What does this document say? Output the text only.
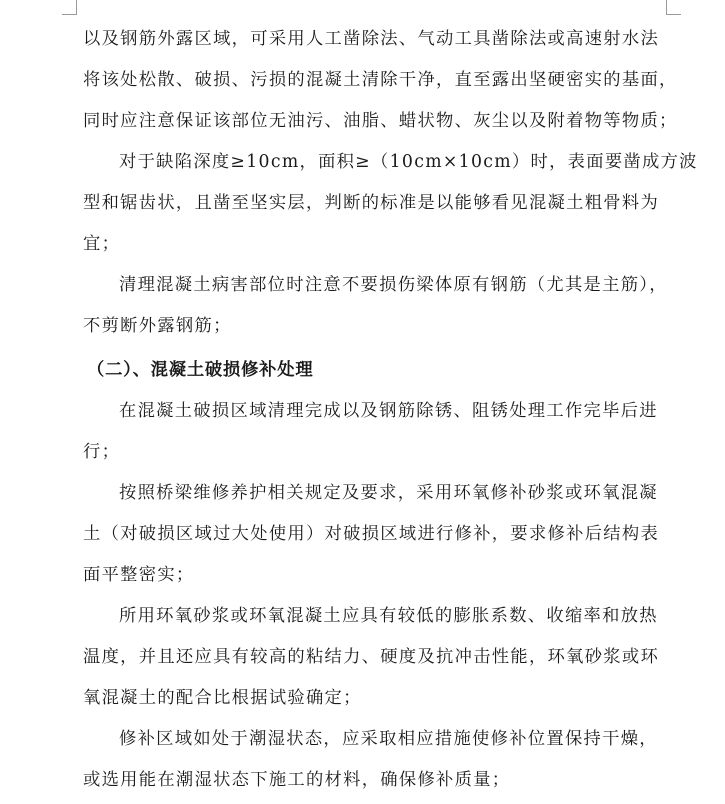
以及钢筋外露区域，可采用人工凿除法、气动工具凿除法或高速射水法
将该处松散、破损、污损的混凝土清除干净，直至露出坚硬密实的基面，
同时应注意保证该部位无油污、油脂、蜡状物、灰尘以及附着物等物质；
对于缺陷深度≥10cm，面积≥（10cm×10cm）时，表面要凿成方波
型和锯齿状，且凿至坚实层，判断的标准是以能够看见混凝土粗骨料为
宜；
清理混凝土病害部位时注意不要损伤梁体原有钢筋（尤其是主筋），
不剪断外露钢筋；
（二）、混凝土破损修补处理
在混凝土破损区域清理完成以及钢筋除锈、阻锈处理工作完毕后进
行；
按照桥梁维修养护相关规定及要求，采用环氧修补砂浆或环氧混凝
土（对破损区域过大处使用）对破损区域进行修补，要求修补后结构表
面平整密实；
所用环氧砂浆或环氧混凝土应具有较低的膨胀系数、收缩率和放热
温度，并且还应具有较高的粘结力、硬度及抗冲击性能，环氧砂浆或环
氧混凝土的配合比根据试验确定；
修补区域如处于潮湿状态，应采取相应措施使修补位置保持干燥，
或选用能在潮湿状态下施工的材料，确保修补质量；
